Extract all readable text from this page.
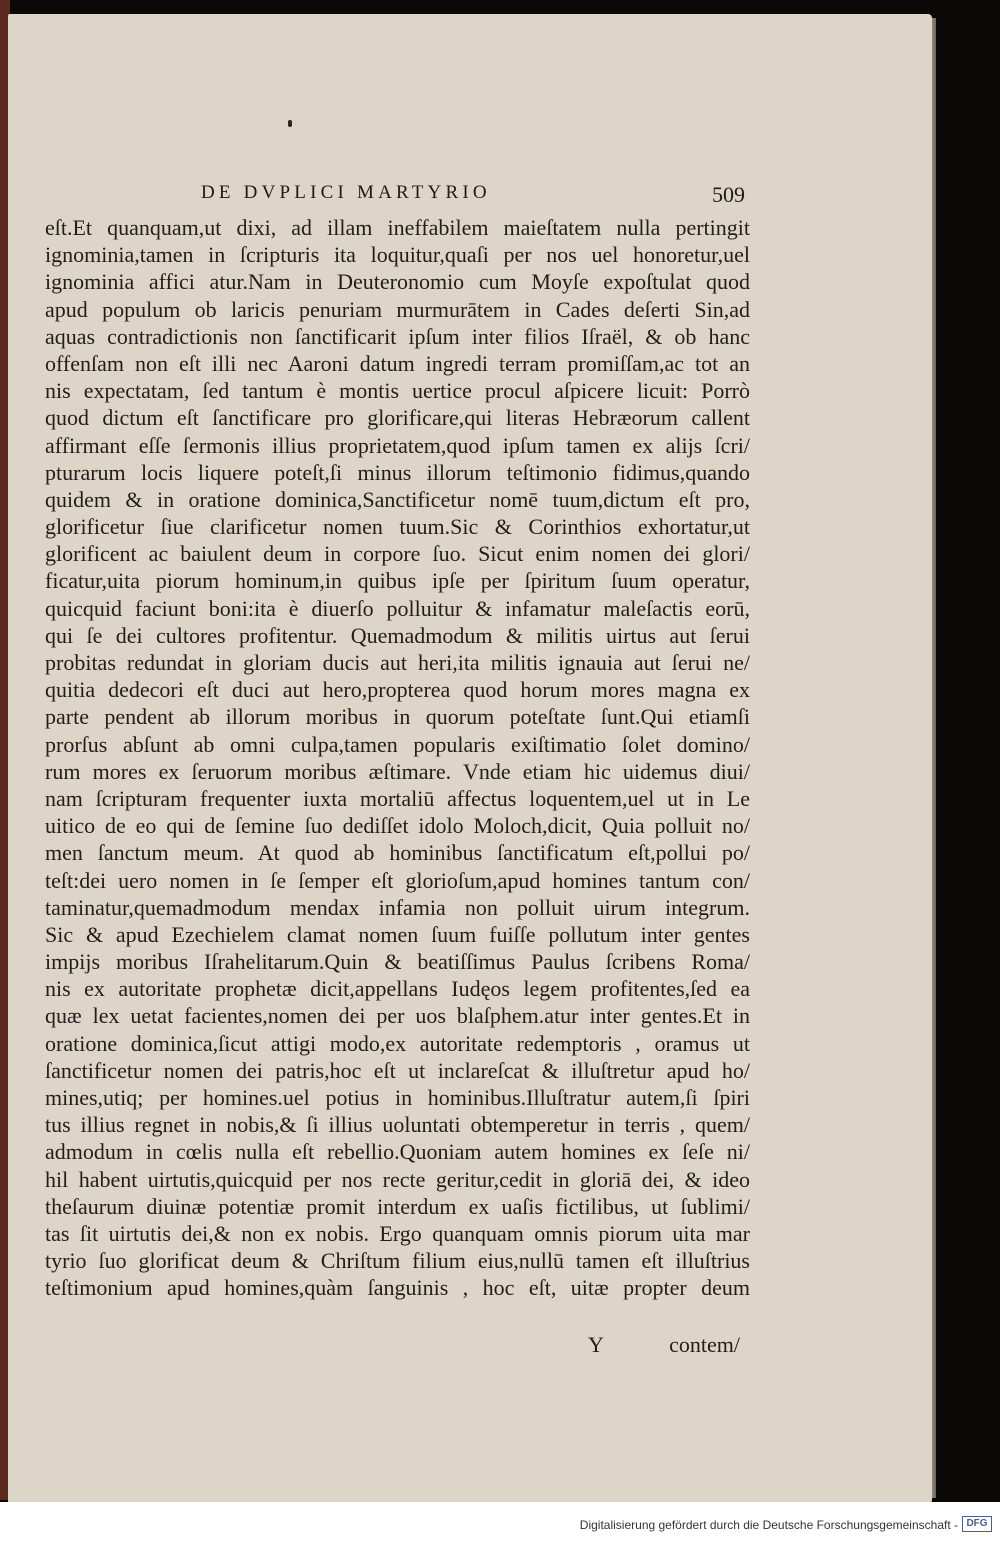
DE DVPLICI MARTYRIO	509
eſt.Et quanquam,ut dixi, ad illam ineffabilem maieſtatem nulla pertingit
ignominia,tamen in ſcripturis ita loquitur,quaſi per nos uel honoretur,uel
ignominia affici atur.Nam in Deuteronomio cum Moyſe expoſtulat quod
apud populum ob laricis penuriam murmurātem in Cades deſerti Sin,ad
aquas contradictionis non ſanctificarit ipſum inter filios Iſraël, & ob hanc
offenſam non eſt illi nec Aaroni datum ingredi terram promiſſam,ac tot an
nis expectatam, ſed tantum è montis uertice procul aſpicere licuit: Porrò
quod dictum eſt ſanctificare pro glorificare,qui literas Hebræorum callent
affirmant eſſe ſermonis illius proprietatem,quod ipſum tamen ex alijs ſcri/
pturarum locis liquere poteſt,ſi minus illorum teſtimonio fidimus,quando
quidem & in oratione dominica,Sanctificetur nomē tuum,dictum eſt pro,
glorificetur ſiue clarificetur nomen tuum.Sic & Corinthios exhortatur,ut
glorificent ac baiulent deum in corpore ſuo. Sicut enim nomen dei glori/
ficatur,uita piorum hominum,in quibus ipſe per ſpiritum ſuum operatur,
quicquid faciunt boni:ita è diuerſo polluitur & infamatur maleſactis eorū,
qui ſe dei cultores profitentur. Quemadmodum & militis uirtus aut ſerui
probitas redundat in gloriam ducis aut heri,ita militis ignauia aut ſerui ne/
quitia dedecori eſt duci aut hero,propterea quod horum mores magna ex
parte pendent ab illorum moribus in quorum poteſtate ſunt.Qui etiamſi
prorſus abſunt ab omni culpa,tamen popularis exiſtimatio ſolet domino/
rum mores ex ſeruorum moribus æſtimare. Vnde etiam hic uidemus diui/
nam ſcripturam frequenter iuxta mortaliū affectus loquentem,uel ut in Le
uitico de eo qui de ſemine ſuo dediſſet idolo Moloch,dicit, Quia polluit no/
men ſanctum meum. At quod ab hominibus ſanctificatum eſt,pollui po/
teſt:dei uero nomen in ſe ſemper eſt glorioſum,apud homines tantum con/
taminatur,quemadmodum mendax infamia non polluit uirum integrum.
Sic & apud Ezechielem clamat nomen ſuum fuiſſe pollutum inter gentes
impijs moribus Iſrahelitarum.Quin & beatiſſimus Paulus ſcribens Roma/
nis ex autoritate prophetæ dicit,appellans Iudęos legem profitentes,ſed ea
quæ lex uetat facientes,nomen dei per uos blaſphem.atur inter gentes.Et in
oratione dominica,ſicut attigi modo,ex autoritate redemptoris , oramus ut
ſanctificetur nomen dei patris,hoc eſt ut inclareſcat & illuſtretur apud ho/
mines,utiq; per homines.uel potius in hominibus.Illuſtratur autem,ſi ſpiri
tus illius regnet in nobis,& ſi illius uoluntati obtemperetur in terris , quem/
admodum in cœlis nulla eſt rebellio.Quoniam autem homines ex ſeſe ni/
hil habent uirtutis,quicquid per nos recte geritur,cedit in gloriā dei, & ideo
theſaurum diuinæ potentiæ promit interdum ex uaſis fictilibus, ut ſublimi/
tas ſit uirtutis dei,& non ex nobis. Ergo quanquam omnis piorum uita mar
tyrio ſuo glorificat deum & Chriſtum filium eius,nullū tamen eſt illuſtrius
teſtimonium apud homines,quàm ſanguinis , hoc eſt, uitæ propter deum
Y	contem/
Digitalisierung gefördert durch die Deutsche Forschungsgemeinschaft - DFG
